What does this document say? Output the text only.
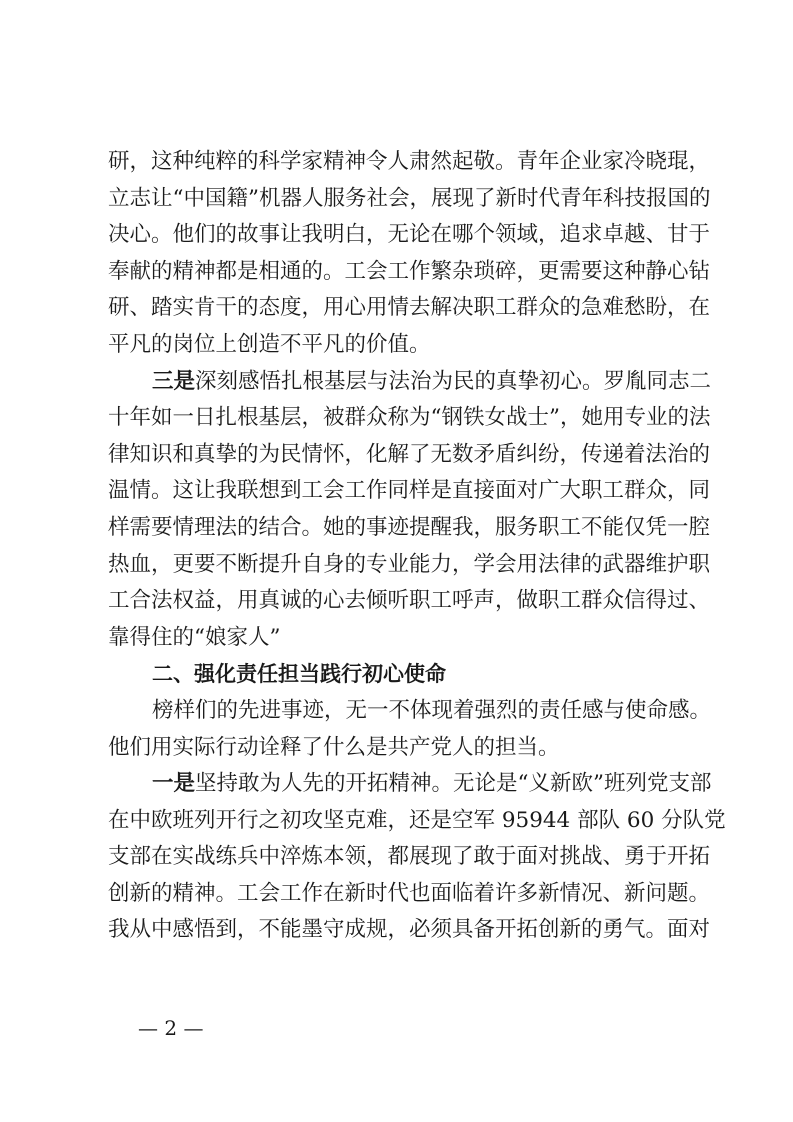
研，这种纯粹的科学家精神令人肃然起敬。青年企业家冷晓琨，
立志让“中国籍”机器人服务社会，展现了新时代青年科技报国的
决心。他们的故事让我明白，无论在哪个领域，追求卓越、甘于
奉献的精神都是相通的。工会工作繁杂琐碎，更需要这种静心钻
研、踏实肯干的态度，用心用情去解决职工群众的急难愁盼，在
平凡的岗位上创造不平凡的价值。
三是深刻感悟扎根基层与法治为民的真挚初心。罗胤同志二
十年如一日扎根基层，被群众称为“钢铁女战士”，她用专业的法
律知识和真挚的为民情怀，化解了无数矛盾纠纷，传递着法治的
温情。这让我联想到工会工作同样是直接面对广大职工群众，同
样需要情理法的结合。她的事迹提醒我，服务职工不能仅凭一腔
热血，更要不断提升自身的专业能力，学会用法律的武器维护职
工合法权益，用真诚的心去倾听职工呼声，做职工群众信得过、
靠得住的“娘家人”
二、强化责任担当践行初心使命
榜样们的先进事迹，无一不体现着强烈的责任感与使命感。
他们用实际行动诠释了什么是共产党人的担当。
一是坚持敢为人先的开拓精神。无论是“义新欧”班列党支部
在中欧班列开行之初攻坚克难，还是空军 95944 部队 60 分队党
支部在实战练兵中淬炼本领，都展现了敢于面对挑战、勇于开拓
创新的精神。工会工作在新时代也面临着许多新情况、新问题。
我从中感悟到，不能墨守成规，必须具备开拓创新的勇气。面对
— 2 —
